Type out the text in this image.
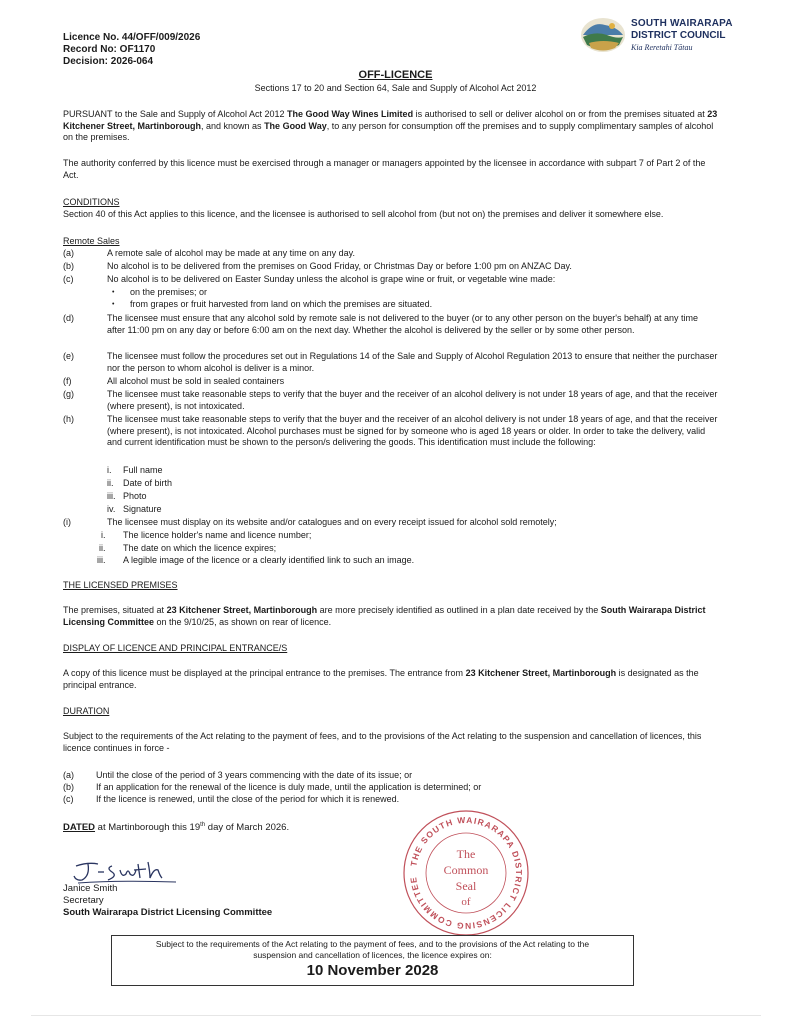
Licence No. 44/OFF/009/2026
Record No: OF1170
Decision: 2026-064
SOUTH WAIRARAPA
DISTRICT COUNCIL
Kia Reretahi Tātau
OFF-LICENCE
Sections 17 to 20 and Section 64, Sale and Supply of Alcohol Act 2012
PURSUANT to the Sale and Supply of Alcohol Act 2012 The Good Way Wines Limited is authorised to sell or deliver alcohol on or from the premises situated at 23 Kitchener Street, Martinborough, and known as The Good Way, to any person for consumption off the premises and to supply complimentary samples of alcohol on the premises.
The authority conferred by this licence must be exercised through a manager or managers appointed by the licensee in accordance with subpart 7 of Part 2 of the Act.
CONDITIONS
Section 40 of this Act applies to this licence, and the licensee is authorised to sell alcohol from (but not on) the premises and deliver it somewhere else.
Remote Sales
(a)	A remote sale of alcohol may be made at any time on any day.
(b)	No alcohol is to be delivered from the premises on Good Friday, or Christmas Day or before 1:00 pm on ANZAC Day.
(c)	No alcohol is to be delivered on Easter Sunday unless the alcohol is grape wine or fruit, or vegetable wine made:
• on the premises; or
• from grapes or fruit harvested from land on which the premises are situated.
(d)	The licensee must ensure that any alcohol sold by remote sale is not delivered to the buyer (or to any other person on the buyer's behalf) at any time after 11:00 pm on any day or before 6:00 am on the next day. Whether the alcohol is delivered by the seller or by some other person.
(e)	The licensee must follow the procedures set out in Regulations 14 of the Sale and Supply of Alcohol Regulation 2013 to ensure that neither the purchaser nor the person to whom alcohol is deliver is a minor.
(f)	All alcohol must be sold in sealed containers
(g)	The licensee must take reasonable steps to verify that the buyer and the receiver of an alcohol delivery is not under 18 years of age, and that the receiver (where present), is not intoxicated.
(h)	The licensee must take reasonable steps to verify that the buyer and the receiver of an alcohol delivery is not under 18 years of age, and that the receiver (where present), is not intoxicated. Alcohol purchases must be signed for by someone who is aged 18 years or older. In order to take the delivery, valid and current identification must be shown to the person/s delivering the goods. This identification must include the following:
i. Full name
ii. Date of birth
iii. Photo
iv. Signature
(i)	The licensee must display on its website and/or catalogues and on every receipt issued for alcohol sold remotely;
i. The licence holder's name and licence number;
ii. The date on which the licence expires;
iii. A legible image of the licence or a clearly identified link to such an image.
THE LICENSED PREMISES
The premises, situated at 23 Kitchener Street, Martinborough are more precisely identified as outlined in a plan date received by the South Wairarapa District Licensing Committee on the 9/10/25, as shown on rear of licence.
DISPLAY OF LICENCE AND PRINCIPAL ENTRANCE/S
A copy of this licence must be displayed at the principal entrance to the premises. The entrance from 23 Kitchener Street, Martinborough is designated as the principal entrance.
DURATION
Subject to the requirements of the Act relating to the payment of fees, and to the provisions of the Act relating to the suspension and cancellation of licences, this licence continues in force -
(a) Until the close of the period of 3 years commencing with the date of its issue; or
(b) If an application for the renewal of the licence is duly made, until the application is determined; or
(c)	If the licence is renewed, until the close of the period for which it is renewed.
DATED at Martinborough this 19th day of March 2026.
Janice Smith
Secretary
South Wairarapa District Licensing Committee
THE SOUTH WAIRARAPA DISTRICT LICENSING COMMITTEE
The
Common
Seal
of
Subject to the requirements of the Act relating to the payment of fees, and to the provisions of the Act relating to the
suspension and cancellation of licences, the licence expires on:
10 November 2028
